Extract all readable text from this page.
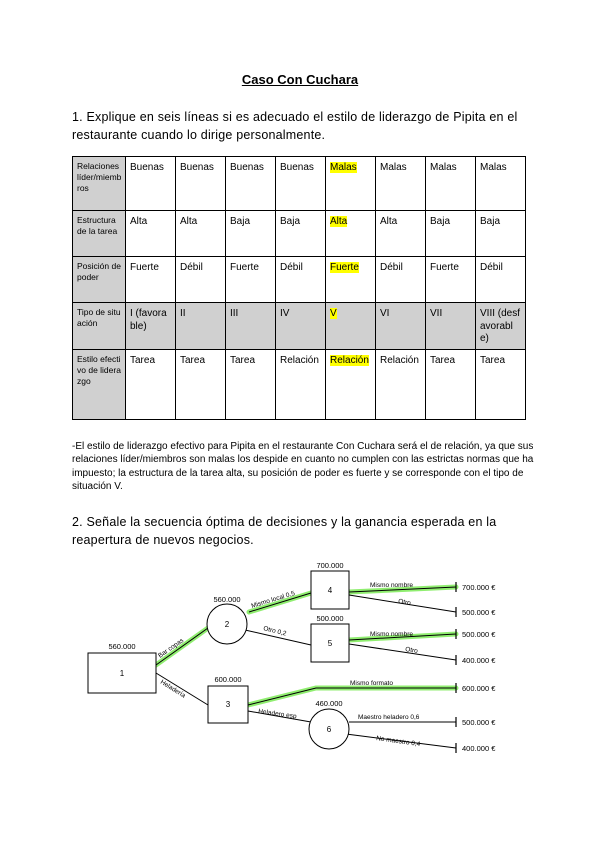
Caso Con Cuchara
1. Explique en seis líneas si es adecuado el estilo de liderazgo de Pipita en el restaurante cuando lo dirige personalmente.
Relaciones líder/miembros	Buenas	Buenas	Buenas	Buenas	Malas	Malas	Malas	Malas
Estructura de la tarea	Alta	Alta	Baja	Baja	Alta	Alta	Baja	Baja
Posición de poder	Fuerte	Débil	Fuerte	Débil	Fuerte	Débil	Fuerte	Débil
Tipo de situación	I (favorable)	II	III	IV	V	VI	VII	VIII (desfavorable)
Estilo efectivo de liderazgo	Tarea	Tarea	Tarea	Relación	Relación	Relación	Tarea	Tarea
-El estilo de liderazgo efectivo para Pipita en el restaurante Con Cuchara será el de relación, ya que sus relaciones líder/miembros son malas los despide en cuanto no cumplen con las estrictas normas que ha impuesto; la estructura de la tarea alta, su posición de poder es fuerte y se corresponde con el tipo de situación V.
2. Señale la secuencia óptima de decisiones y la ganancia esperada en la reapertura de nuevos negocios.
1
2
3
4
5
6
560.000
560.000
600.000
700.000
500.000
460.000
Bar copas
Heladería
Mismo local 0,5
Otro 0,2
Mismo nombre
Otro
Mismo nombre
Otro
Mismo formato
Heladero esp	Maestro heladero 0,6
No maestro 0,4
700.000 €
500.000 €
500.000 €
400.000 €
600.000 €
500.000 €
400.000 €
